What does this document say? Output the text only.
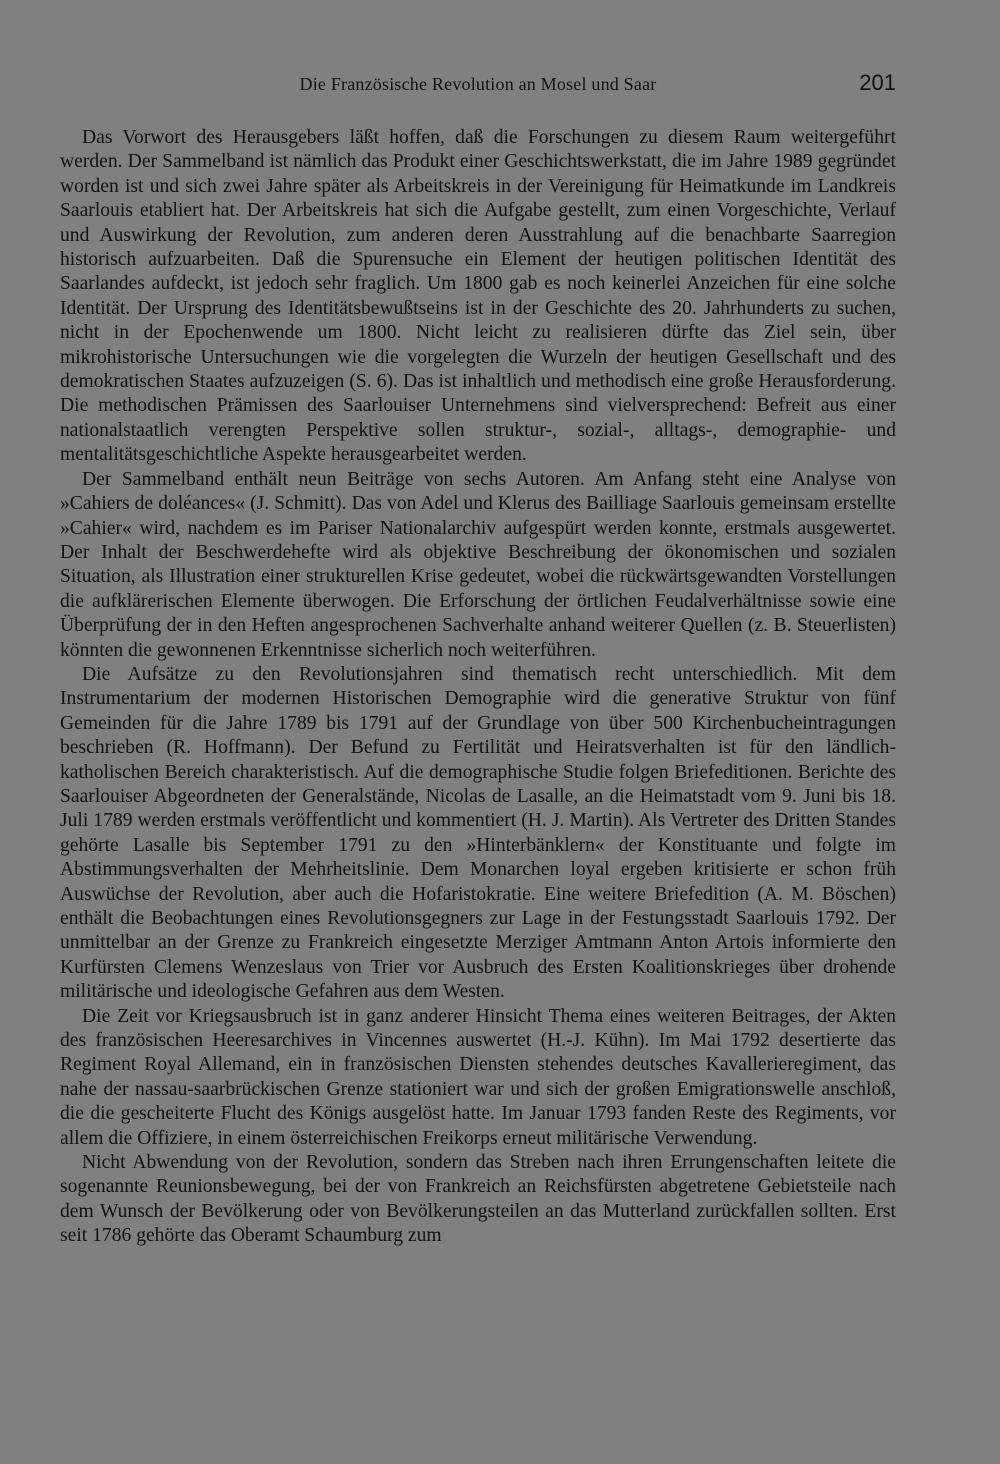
Die Französische Revolution an Mosel und Saar	201

Das Vorwort des Herausgebers läßt hoffen, daß die Forschungen zu diesem Raum weitergeführt werden. Der Sammelband ist nämlich das Produkt einer Geschichtswerkstatt, die im Jahre 1989 gegründet worden ist und sich zwei Jahre später als Arbeitskreis in der Vereinigung für Heimatkunde im Landkreis Saarlouis etabliert hat. Der Arbeitskreis hat sich die Aufgabe gestellt, zum einen Vorgeschichte, Verlauf und Auswirkung der Revolution, zum anderen deren Ausstrahlung auf die benachbarte Saarregion historisch aufzuarbeiten. Daß die Spurensuche ein Element der heutigen politischen Identität des Saarlandes aufdeckt, ist jedoch sehr fraglich. Um 1800 gab es noch keinerlei Anzeichen für eine solche Identität. Der Ursprung des Identitätsbewußtseins ist in der Geschichte des 20. Jahrhunderts zu suchen, nicht in der Epochenwende um 1800. Nicht leicht zu realisieren dürfte das Ziel sein, über mikrohistorische Untersuchungen wie die vorgelegten die Wurzeln der heutigen Gesellschaft und des demokratischen Staates aufzuzeigen (S. 6). Das ist inhaltlich und methodisch eine große Herausforderung. Die methodischen Prämissen des Saarlouiser Unternehmens sind vielversprechend: Befreit aus einer nationalstaatlich verengten Perspektive sollen struktur-, sozial-, alltags-, demographie- und mentalitätsgeschichtliche Aspekte herausgearbeitet werden.

Der Sammelband enthält neun Beiträge von sechs Autoren. Am Anfang steht eine Analyse von »Cahiers de doléances« (J. Schmitt). Das von Adel und Klerus des Bailliage Saarlouis gemeinsam erstellte »Cahier« wird, nachdem es im Pariser Nationalarchiv aufgespürt werden konnte, erstmals ausgewertet. Der Inhalt der Beschwerdehefte wird als objektive Beschreibung der ökonomischen und sozialen Situation, als Illustration einer strukturellen Krise gedeutet, wobei die rückwärtsgewandten Vorstellungen die aufklärerischen Elemente überwogen. Die Erforschung der örtlichen Feudalverhältnisse sowie eine Überprüfung der in den Heften angesprochenen Sachverhalte anhand weiterer Quellen (z. B. Steuerlisten) könnten die gewonnenen Erkenntnisse sicherlich noch weiterführen.

Die Aufsätze zu den Revolutionsjahren sind thematisch recht unterschiedlich. Mit dem Instrumentarium der modernen Historischen Demographie wird die generative Struktur von fünf Gemeinden für die Jahre 1789 bis 1791 auf der Grundlage von über 500 Kirchenbucheintragungen beschrieben (R. Hoffmann). Der Befund zu Fertilität und Heiratsverhalten ist für den ländlich-katholischen Bereich charakteristisch. Auf die demographische Studie folgen Briefeditionen. Berichte des Saarlouiser Abgeordneten der Generalstände, Nicolas de Lasalle, an die Heimatstadt vom 9. Juni bis 18. Juli 1789 werden erstmals veröffentlicht und kommentiert (H. J. Martin). Als Vertreter des Dritten Standes gehörte Lasalle bis September 1791 zu den »Hinterbänklern« der Konstituante und folgte im Abstimmungsverhalten der Mehrheitslinie. Dem Monarchen loyal ergeben kritisierte er schon früh Auswüchse der Revolution, aber auch die Hofaristokratie. Eine weitere Briefedition (A. M. Böschen) enthält die Beobachtungen eines Revolutionsgegners zur Lage in der Festungsstadt Saarlouis 1792. Der unmittelbar an der Grenze zu Frankreich eingesetzte Merziger Amtmann Anton Artois informierte den Kurfürsten Clemens Wenzeslaus von Trier vor Ausbruch des Ersten Koalitionskrieges über drohende militärische und ideologische Gefahren aus dem Westen.

Die Zeit vor Kriegsausbruch ist in ganz anderer Hinsicht Thema eines weiteren Beitrages, der Akten des französischen Heeresarchives in Vincennes auswertet (H.-J. Kühn). Im Mai 1792 desertierte das Regiment Royal Allemand, ein in französischen Diensten stehendes deutsches Kavallerieregiment, das nahe der nassau-saarbrückischen Grenze stationiert war und sich der großen Emigrationswelle anschloß, die die gescheiterte Flucht des Königs ausgelöst hatte. Im Januar 1793 fanden Reste des Regiments, vor allem die Offiziere, in einem österreichischen Freikorps erneut militärische Verwendung.

Nicht Abwendung von der Revolution, sondern das Streben nach ihren Errungenschaften leitete die sogenannte Reunionsbewegung, bei der von Frankreich an Reichsfürsten abgetretene Gebietsteile nach dem Wunsch der Bevölkerung oder von Bevölkerungsteilen an das Mutterland zurückfallen sollten. Erst seit 1786 gehörte das Oberamt Schaumburg zum
